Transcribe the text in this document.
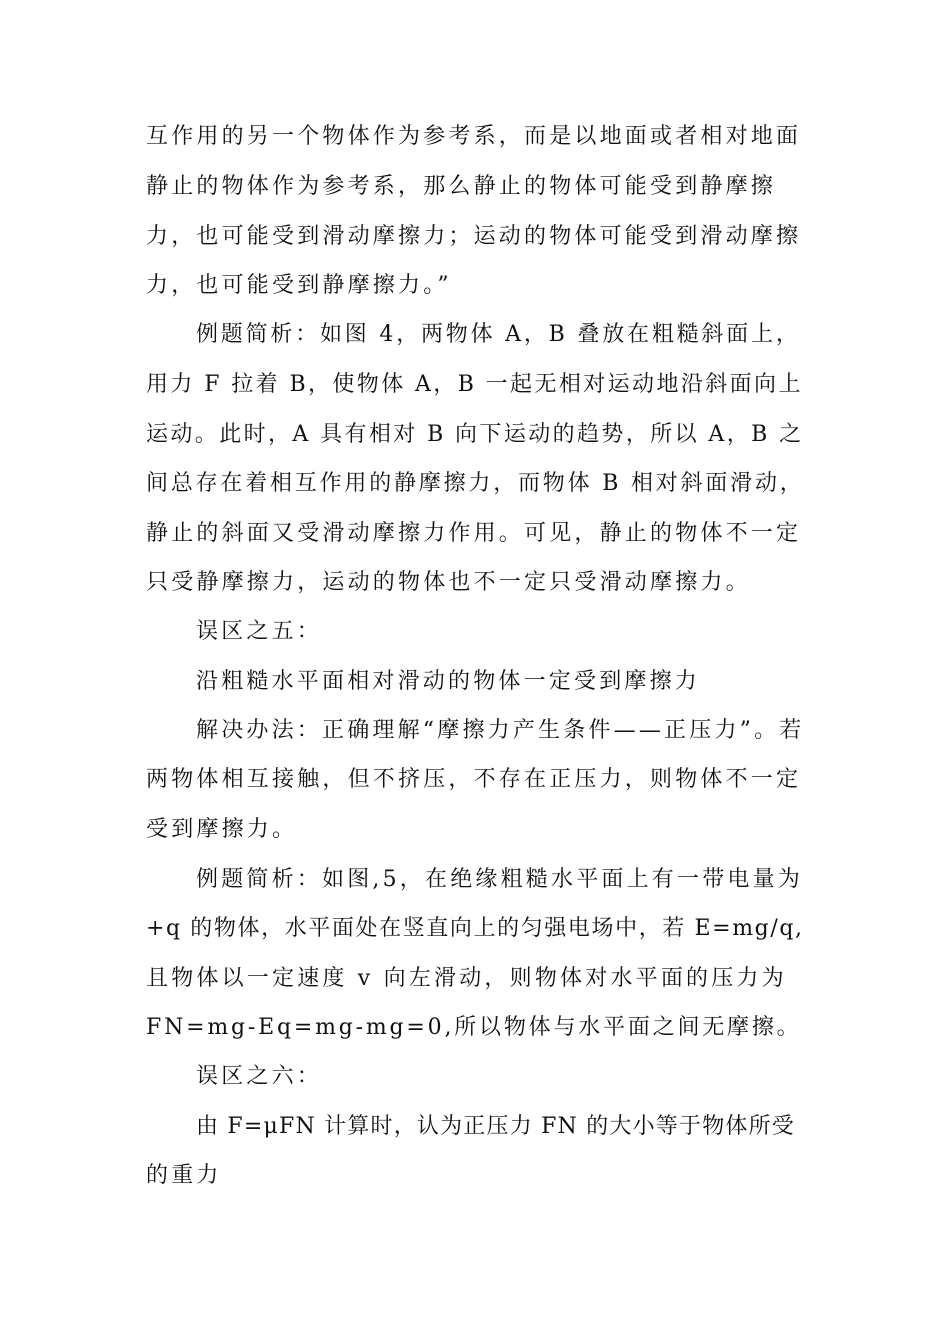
互作用的另一个物体作为参考系，而是以地面或者相对地面
静止的物体作为参考系，那么静止的物体可能受到静摩擦
力，也可能受到滑动摩擦力；运动的物体可能受到滑动摩擦
力，也可能受到静摩擦力。”
例题简析：如图 4，两物体 A，B 叠放在粗糙斜面上，
用力 F 拉着 B，使物体 A，B 一起无相对运动地沿斜面向上
运动。此时，A 具有相对 B 向下运动的趋势，所以 A，B 之
间总存在着相互作用的静摩擦力，而物体 B 相对斜面滑动，
静止的斜面又受滑动摩擦力作用。可见，静止的物体不一定
只受静摩擦力，运动的物体也不一定只受滑动摩擦力。
误区之五：
沿粗糙水平面相对滑动的物体一定受到摩擦力
解决办法：正确理解“摩擦力产生条件——正压力”。若
两物体相互接触，但不挤压，不存在正压力，则物体不一定
受到摩擦力。
例题简析：如图,5，在绝缘粗糙水平面上有一带电量为
+q 的物体，水平面处在竖直向上的匀强电场中，若 E=mg/q,
且物体以一定速度 v 向左滑动，则物体对水平面的压力为
FN=mg-Eq=mg-mg=0,所以物体与水平面之间无摩擦。
误区之六：
由 F=μFN 计算时，认为正压力 FN 的大小等于物体所受
的重力
